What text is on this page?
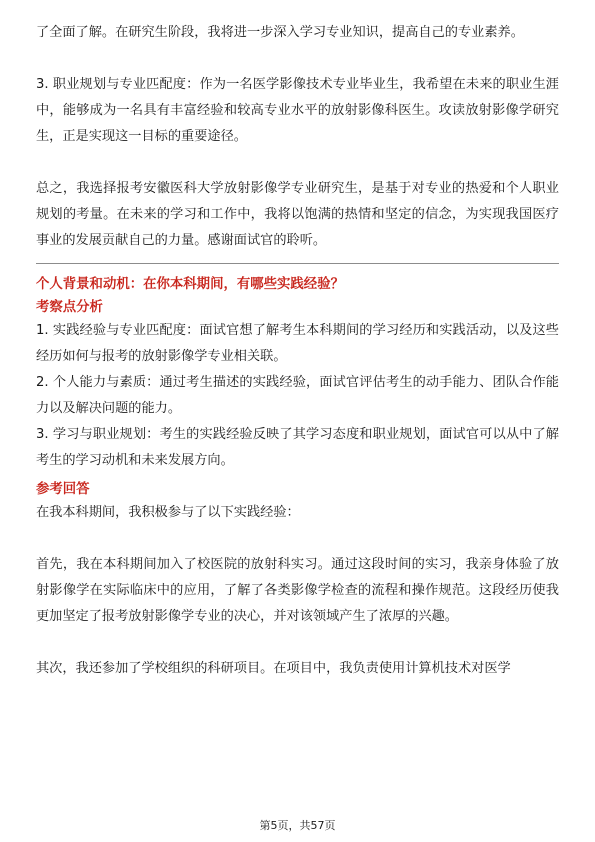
了全面了解。在研究生阶段，我将进一步深入学习专业知识，提高自己的专业素养。

3. 职业规划与专业匹配度：作为一名医学影像技术专业毕业生，我希望在未来的职业生涯中，能够成为一名具有丰富经验和较高专业水平的放射影像科医生。攻读放射影像学研究生，正是实现这一目标的重要途径。

总之，我选择报考安徽医科大学放射影像学专业研究生，是基于对专业的热爱和个人职业规划的考量。在未来的学习和工作中，我将以饱满的热情和坚定的信念，为实现我国医疗事业的发展贡献自己的力量。感谢面试官的聆听。

个人背景和动机：在你本科期间，有哪些实践经验？
考察点分析

1. 实践经验与专业匹配度：面试官想了解考生本科期间的学习经历和实践活动，以及这些经历如何与报考的放射影像学专业相关联。

2. 个人能力与素质：通过考生描述的实践经验，面试官评估考生的动手能力、团队合作能力以及解决问题的能力。

3. 学习与职业规划：考生的实践经验反映了其学习态度和职业规划，面试官可以从中了解考生的学习动机和未来发展方向。

参考回答

在我本科期间，我积极参与了以下实践经验：

首先，我在本科期间加入了校医院的放射科实习。通过这段时间的实习，我亲身体验了放射影像学在实际临床中的应用，了解了各类影像学检查的流程和操作规范。这段经历使我更加坚定了报考放射影像学专业的决心，并对该领域产生了浓厚的兴趣。

其次，我还参加了学校组织的科研项目。在项目中，我负责使用计算机技术对医学

第5页，共57页
